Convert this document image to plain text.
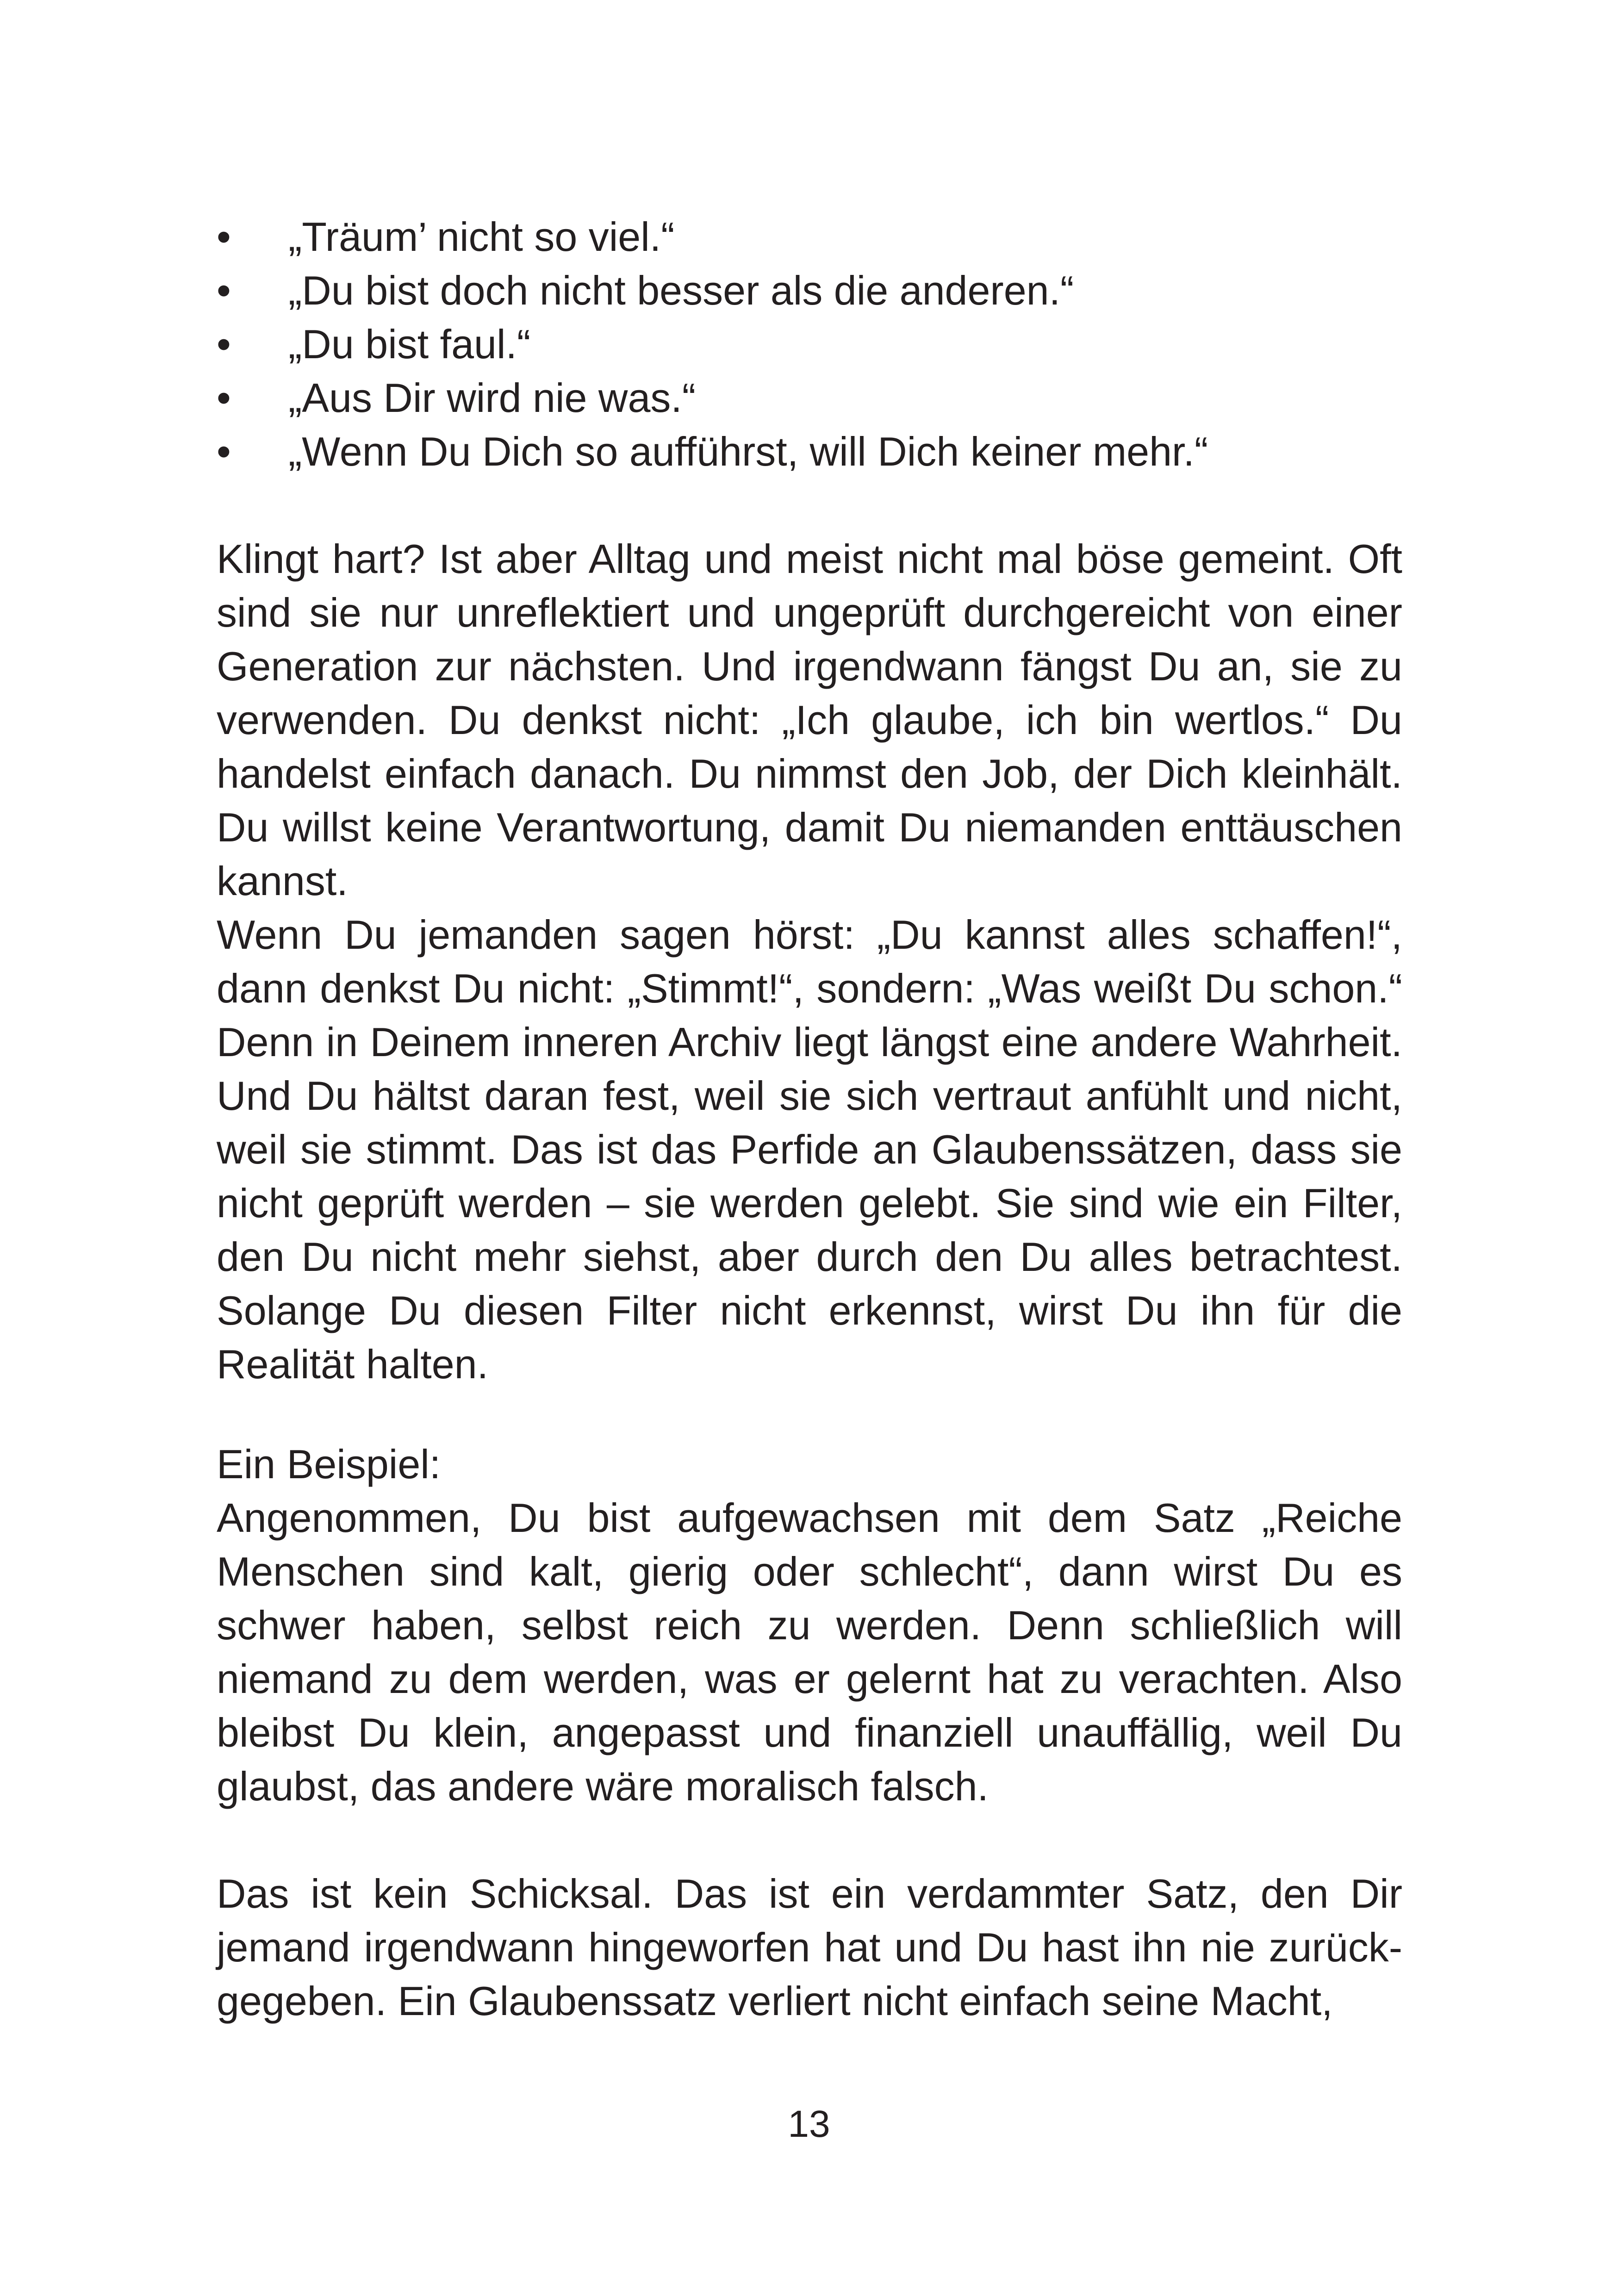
• „Träum’ nicht so viel.“
• „Du bist doch nicht besser als die anderen.“
• „Du bist faul.“
• „Aus Dir wird nie was.“
• „Wenn Du Dich so aufführst, will Dich keiner mehr.“

Klingt hart? Ist aber Alltag und meist nicht mal böse gemeint. Oft sind sie nur unreflektiert und ungeprüft durchgereicht von einer Generation zur nächsten. Und irgendwann fängst Du an, sie zu verwenden. Du denkst nicht: „Ich glaube, ich bin wertlos.“ Du handelst einfach danach. Du nimmst den Job, der Dich kleinhält. Du willst keine Verantwortung, damit Du niemanden enttäuschen kannst.

Wenn Du jemanden sagen hörst: „Du kannst alles schaffen!“, dann denkst Du nicht: „Stimmt!“, sondern: „Was weißt Du schon.“ Denn in Deinem inneren Archiv liegt längst eine andere Wahrheit. Und Du hältst daran fest, weil sie sich vertraut anfühlt und nicht, weil sie stimmt. Das ist das Perfide an Glaubenssätzen, dass sie nicht geprüft werden – sie werden gelebt. Sie sind wie ein Filter, den Du nicht mehr siehst, aber durch den Du alles betrachtest. Solange Du diesen Filter nicht erkennst, wirst Du ihn für die Realität halten.

Ein Beispiel:

Angenommen, Du bist aufgewachsen mit dem Satz „Reiche Menschen sind kalt, gierig oder schlecht“, dann wirst Du es schwer haben, selbst reich zu werden. Denn schließlich will niemand zu dem werden, was er gelernt hat zu verachten. Also bleibst Du klein, angepasst und finanziell unauffällig, weil Du glaubst, das andere wäre moralisch falsch.

Das ist kein Schicksal. Das ist ein verdammter Satz, den Dir jemand irgendwann hingeworfen hat und Du hast ihn nie zurückgegeben. Ein Glaubenssatz verliert nicht einfach seine Macht,

13
